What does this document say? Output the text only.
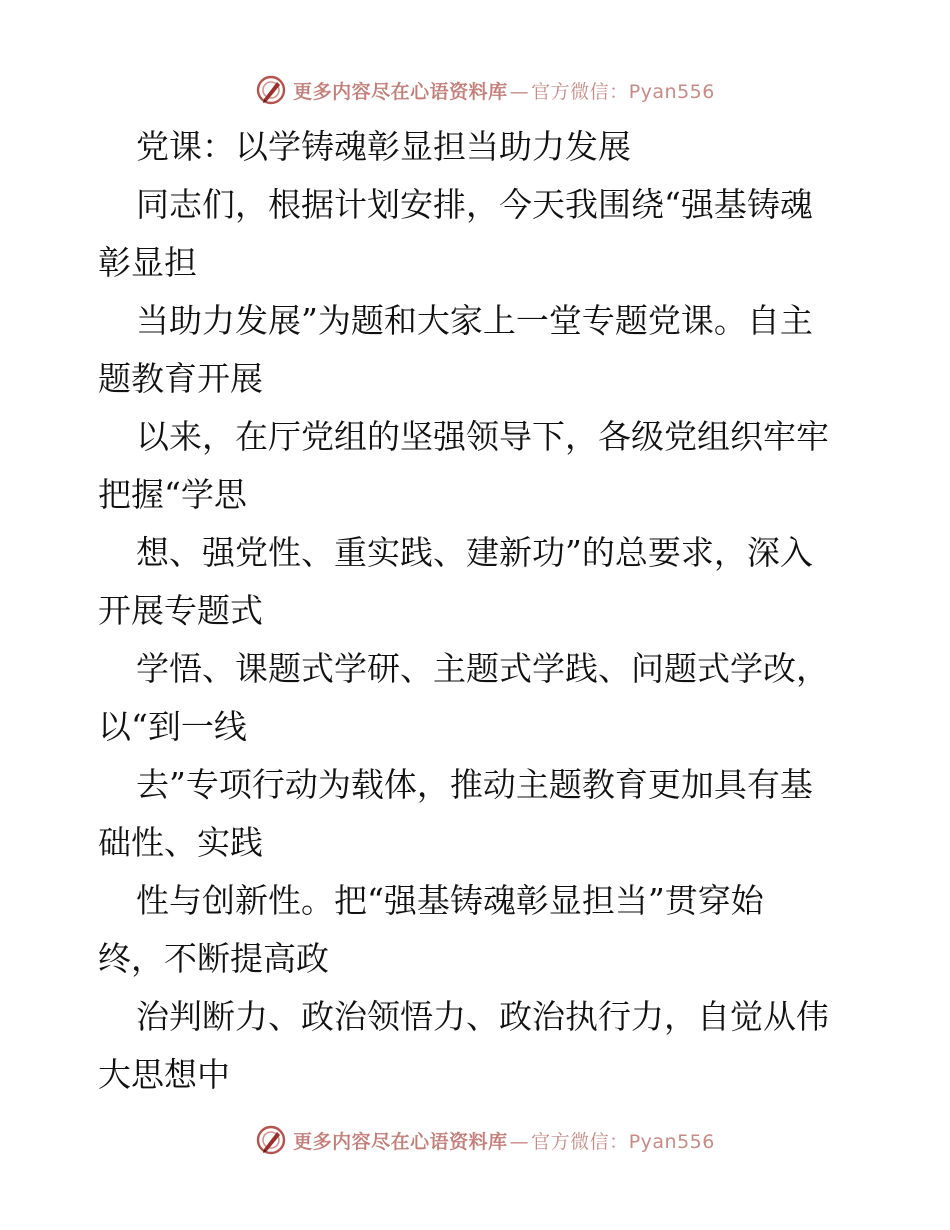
更多内容尽在心语资料库 — 官方微信：Pyan556
党课：以学铸魂彰显担当助力发展
同志们，根据计划安排，今天我围绕“强基铸魂
彰显担
当助力发展”为题和大家上一堂专题党课。自主
题教育开展
以来，在厅党组的坚强领导下，各级党组织牢牢
把握“学思
想、强党性、重实践、建新功”的总要求，深入
开展专题式
学悟、课题式学研、主题式学践、问题式学改，
以“到一线
去”专项行动为载体，推动主题教育更加具有基
础性、实践
性与创新性。把“强基铸魂彰显担当”贯穿始
终，不断提高政
治判断力、政治领悟力、政治执行力，自觉从伟
大思想中
更多内容尽在心语资料库 — 官方微信：Pyan556
